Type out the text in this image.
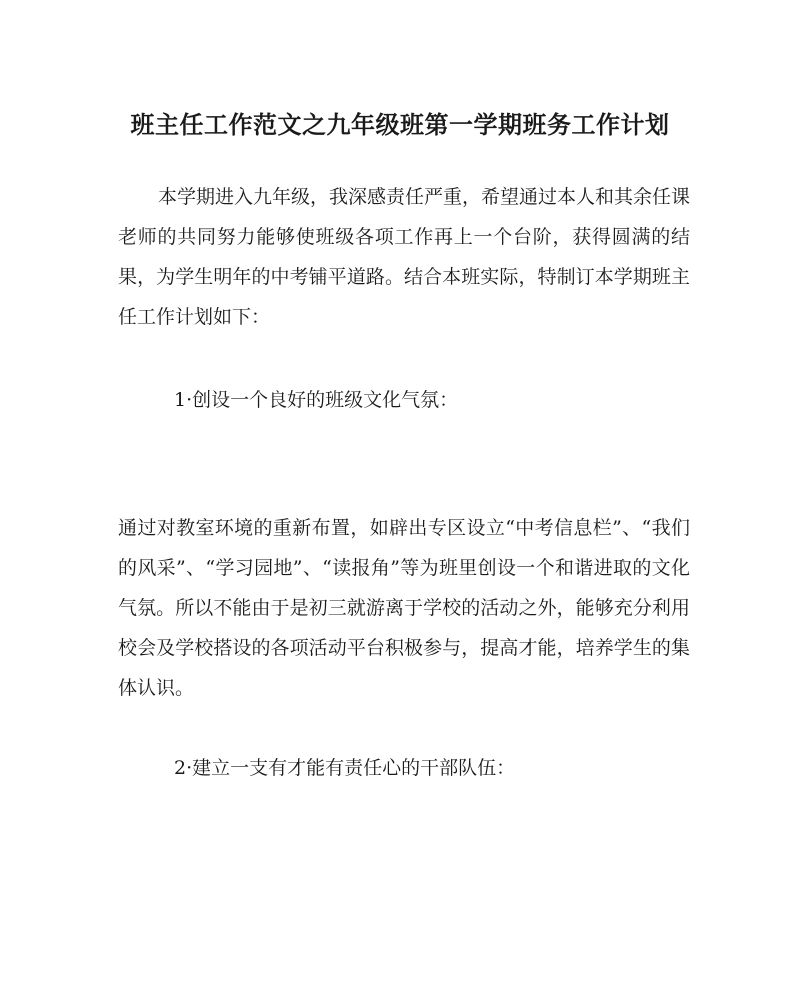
班主任工作范文之九年级班第一学期班务工作计划

本学期进入九年级，我深感责任严重，希望通过本人和其余任课老师的共同努力能够使班级各项工作再上一个台阶，获得圆满的结果，为学生明年的中考铺平道路。结合本班实际，特制订本学期班主任工作计划如下：

1·创设一个良好的班级文化气氛：

通过对教室环境的重新布置，如辟出专区设立“中考信息栏”、“我们的风采”、“学习园地”、“读报角”等为班里创设一个和谐进取的文化气氛。所以不能由于是初三就游离于学校的活动之外，能够充分利用校会及学校搭设的各项活动平台积极参与，提高才能，培养学生的集体认识。

2·建立一支有才能有责任心的干部队伍：
